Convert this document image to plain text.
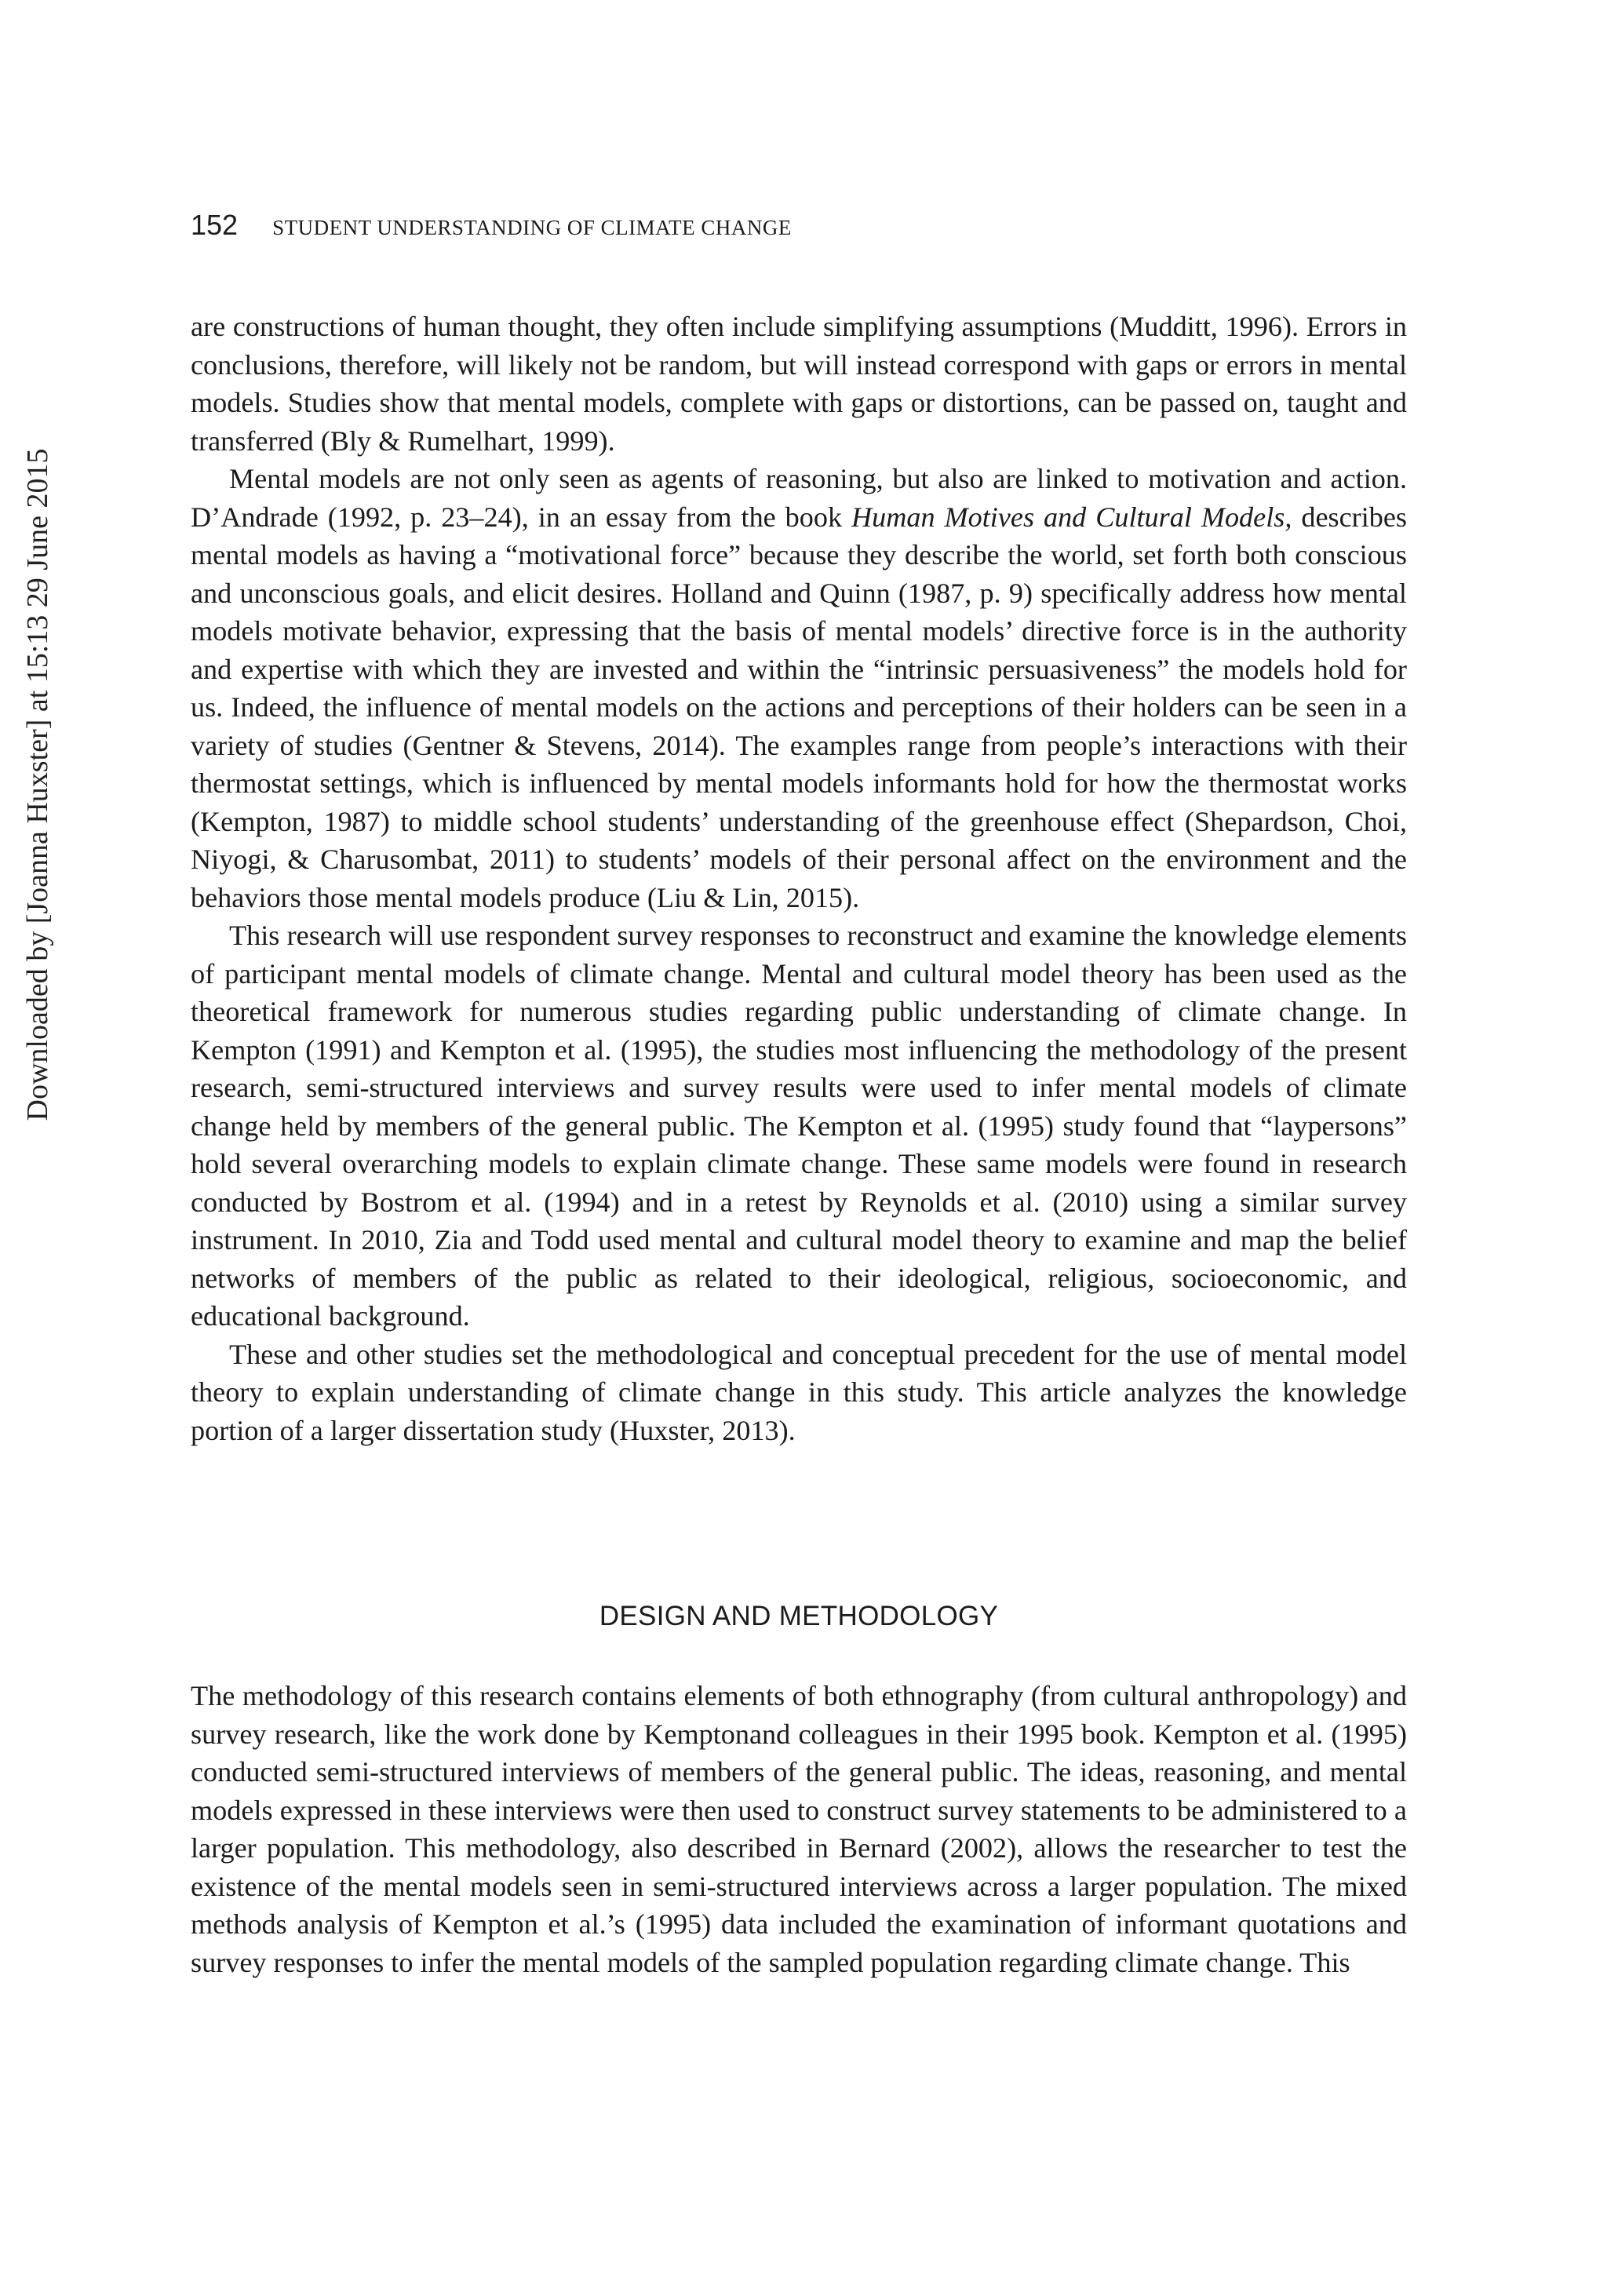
152 STUDENT UNDERSTANDING OF CLIMATE CHANGE
Downloaded by [Joanna Huxster] at 15:13 29 June 2015

are constructions of human thought, they often include simplifying assumptions (Mudditt, 1996). Errors in conclusions, therefore, will likely not be random, but will instead correspond with gaps or errors in mental models. Studies show that mental models, complete with gaps or distortions, can be passed on, taught and transferred (Bly & Rumelhart, 1999).

Mental models are not only seen as agents of reasoning, but also are linked to motivation and action. D’Andrade (1992, p. 23–24), in an essay from the book Human Motives and Cultural Models, describes mental models as having a “motivational force” because they describe the world, set forth both conscious and unconscious goals, and elicit desires. Holland and Quinn (1987, p. 9) specifically address how mental models motivate behavior, expressing that the basis of mental models’ directive force is in the authority and expertise with which they are invested and within the “intrinsic persuasiveness” the models hold for us. Indeed, the influence of mental models on the actions and perceptions of their holders can be seen in a variety of studies (Gentner & Stevens, 2014). The examples range from people’s interactions with their thermostat settings, which is influenced by mental models informants hold for how the thermostat works (Kempton, 1987) to middle school students’ understanding of the greenhouse effect (Shepardson, Choi, Niyogi, & Charusombat, 2011) to students’ models of their personal affect on the environment and the behaviors those mental models produce (Liu & Lin, 2015).

This research will use respondent survey responses to reconstruct and examine the knowledge elements of participant mental models of climate change. Mental and cultural model theory has been used as the theoretical framework for numerous studies regarding public understanding of climate change. In Kempton (1991) and Kempton et al. (1995), the studies most influencing the methodology of the present research, semi-structured interviews and survey results were used to infer mental models of climate change held by members of the general public. The Kempton et al. (1995) study found that “laypersons” hold several overarching models to explain climate change. These same models were found in research conducted by Bostrom et al. (1994) and in a retest by Reynolds et al. (2010) using a similar survey instrument. In 2010, Zia and Todd used mental and cultural model theory to examine and map the belief networks of members of the public as related to their ideological, religious, socioeconomic, and educational background.

These and other studies set the methodological and conceptual precedent for the use of mental model theory to explain understanding of climate change in this study. This article analyzes the knowledge portion of a larger dissertation study (Huxster, 2013).

DESIGN AND METHODOLOGY

The methodology of this research contains elements of both ethnography (from cultural anthropology) and survey research, like the work done by Kemptonand colleagues in their 1995 book. Kempton et al. (1995) conducted semi-structured interviews of members of the general public. The ideas, reasoning, and mental models expressed in these interviews were then used to construct survey statements to be administered to a larger population. This methodology, also described in Bernard (2002), allows the researcher to test the existence of the mental models seen in semi-structured interviews across a larger population. The mixed methods analysis of Kempton et al.’s (1995) data included the examination of informant quotations and survey responses to infer the mental models of the sampled population regarding climate change. This
